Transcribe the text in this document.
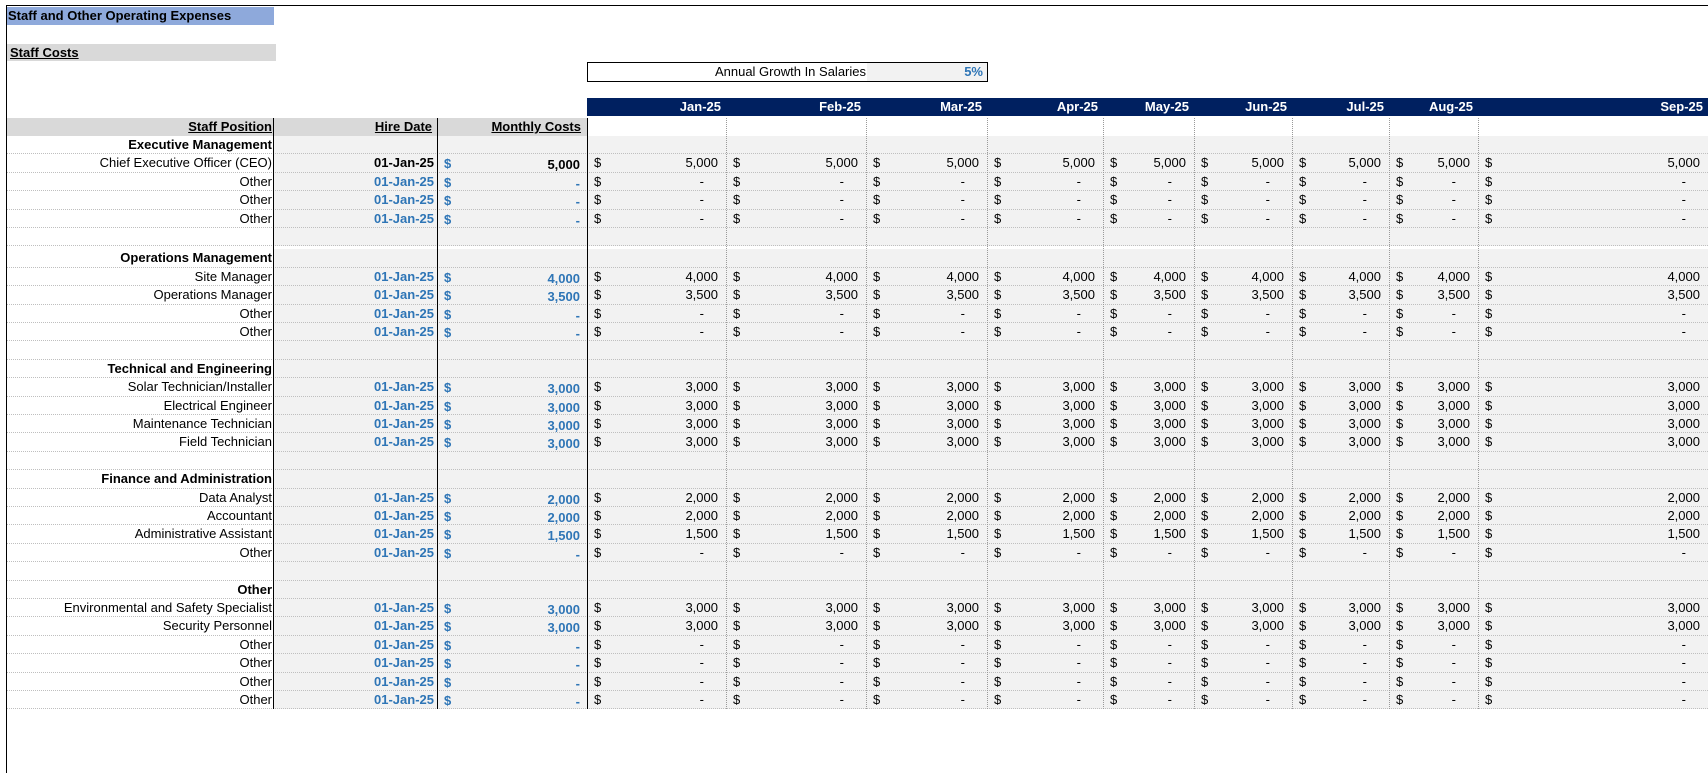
Staff and Other Operating Expenses
Staff Costs
Annual Growth In Salaries	5%
Jan-25	Feb-25	Mar-25	Apr-25	May-25	Jun-25	Jul-25	Aug-25	Sep-25
Staff Position	Hire Date	Monthly Costs
Executive Management
Chief Executive Officer (CEO)	01-Jan-25 $	5,000 $	5,000 $	5,000 $	5,000 $	5,000 $	5,000 $	5,000 $	5,000 $	5,000 $	5,000
Other	01-Jan-25 $	- $	- $	- $	- $	- $	- $	- $	- $	- $	-
Other	01-Jan-25 $	- $	- $	- $	- $	- $	- $	- $	- $	- $	-
Other	01-Jan-25 $	- $	- $	- $	- $	- $	- $	- $	- $	- $	-
Operations Management
Site Manager	01-Jan-25 $	4,000 $	4,000 $	4,000 $	4,000 $	4,000 $	4,000 $	4,000 $	4,000 $	4,000 $	4,000
Operations Manager	01-Jan-25 $	3,500 $	3,500 $	3,500 $	3,500 $	3,500 $	3,500 $	3,500 $	3,500 $	3,500 $	3,500
Other	01-Jan-25 $	- $	- $	- $	- $	- $	- $	- $	- $	- $	-
Other	01-Jan-25 $	- $	- $	- $	- $	- $	- $	- $	- $	- $	-
Technical and Engineering
Solar Technician/Installer	01-Jan-25 $	3,000 $	3,000 $	3,000 $	3,000 $	3,000 $	3,000 $	3,000 $	3,000 $	3,000 $	3,000
Electrical Engineer	01-Jan-25 $	3,000 $	3,000 $	3,000 $	3,000 $	3,000 $	3,000 $	3,000 $	3,000 $	3,000 $	3,000
Maintenance Technician	01-Jan-25 $	3,000 $	3,000 $	3,000 $	3,000 $	3,000 $	3,000 $	3,000 $	3,000 $	3,000 $	3,000
Field Technician	01-Jan-25 $	3,000 $	3,000 $	3,000 $	3,000 $	3,000 $	3,000 $	3,000 $	3,000 $	3,000 $	3,000
Finance and Administration
Data Analyst	01-Jan-25 $	2,000 $	2,000 $	2,000 $	2,000 $	2,000 $	2,000 $	2,000 $	2,000 $	2,000 $	2,000
Accountant	01-Jan-25 $	2,000 $	2,000 $	2,000 $	2,000 $	2,000 $	2,000 $	2,000 $	2,000 $	2,000 $	2,000
Administrative Assistant	01-Jan-25 $	1,500 $	1,500 $	1,500 $	1,500 $	1,500 $	1,500 $	1,500 $	1,500 $	1,500 $	1,500
Other	01-Jan-25 $	- $	- $	- $	- $	- $	- $	- $	- $	- $	-
Other
Environmental and Safety Specialist	01-Jan-25 $	3,000 $	3,000 $	3,000 $	3,000 $	3,000 $	3,000 $	3,000 $	3,000 $	3,000 $	3,000
Security Personnel	01-Jan-25 $	3,000 $	3,000 $	3,000 $	3,000 $	3,000 $	3,000 $	3,000 $	3,000 $	3,000 $	3,000
Other	01-Jan-25 $	- $	- $	- $	- $	- $	- $	- $	- $	- $	-
Other	01-Jan-25 $	- $	- $	- $	- $	- $	- $	- $	- $	- $	-
Other	01-Jan-25 $	- $	- $	- $	- $	- $	- $	- $	- $	- $	-
Other	01-Jan-25 $	- $	- $	- $	- $	- $	- $	- $	- $	- $	-
